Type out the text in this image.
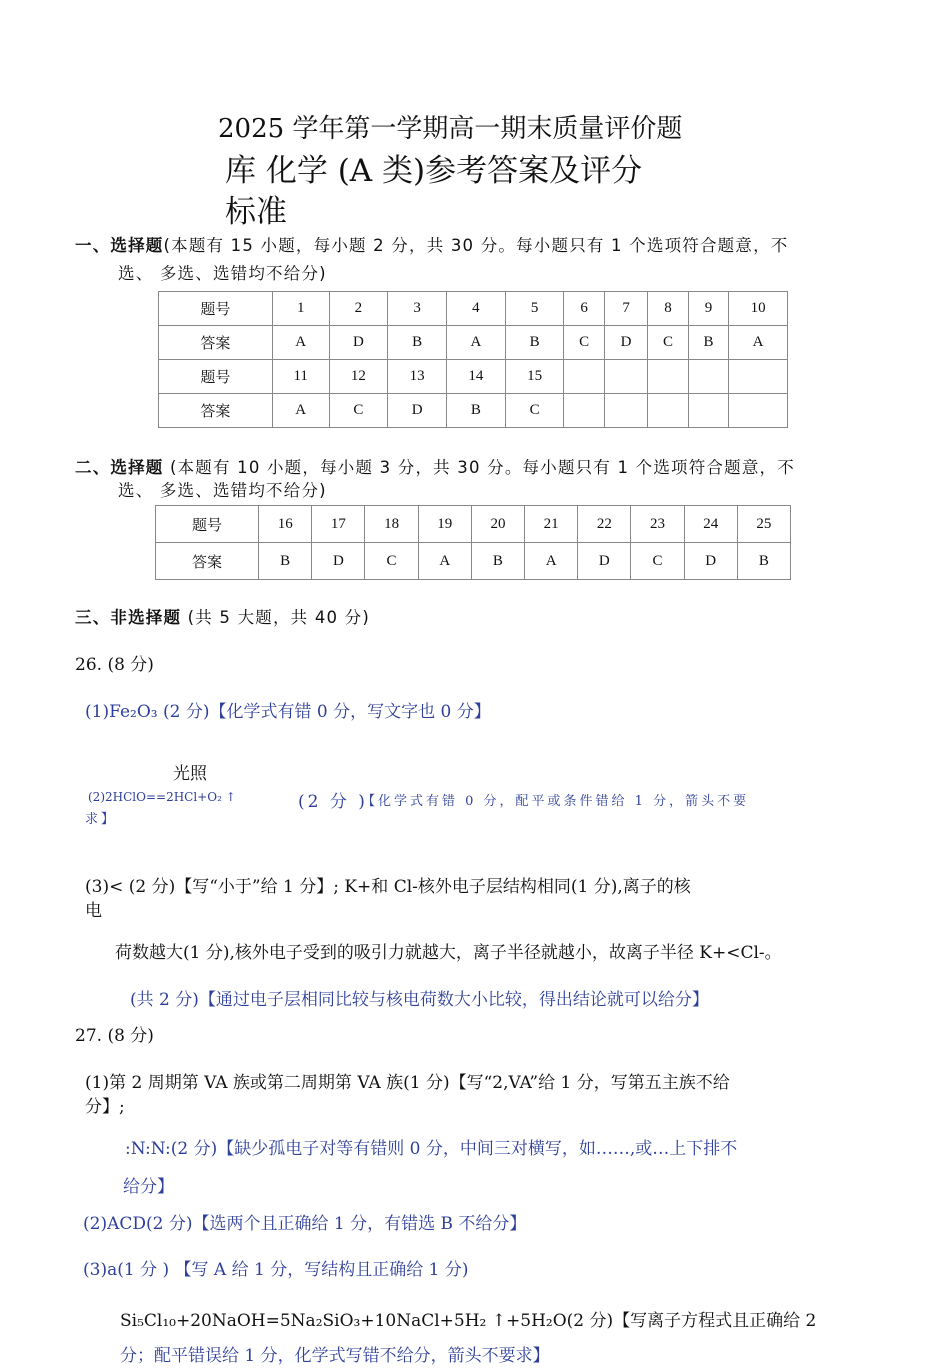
2025 学年第一学期高一期末质量评价题
库 化学 (A 类)参考答案及评分
标准
一、选择题(本题有 15 小题，每小题 2 分，共 30 分。每小题只有 1 个选项符合题意，不
选、 多选、选错均不给分)
题号	1	2	3	4	5	6	7	8	9	10
答案	A	D	B	A	B	C	D	C	B	A
题号	11	12	13	14	15					
答案	A	C	D	B	C					
二、选择题 (本题有 10 小题，每小题 3 分，共 30 分。每小题只有 1 个选项符合题意，不
选、 多选、选错均不给分)
题号	16	17	18	19	20	21	22	23	24	25
答案	B	D	C	A	B	A	D	C	D	B
三、非选择题 (共 5 大题，共 40 分)
26. (8 分)
(1)Fe₂O₃ (2 分)【化学式有错 0 分，写文字也 0 分】
光照
(2)2HClO==2HCl+O₂ ↑	(2 分 )
【化学式有错 0 分，配平或条件错给 1 分，箭头不要
求】
(3)< (2 分)【写“小于”给 1 分】; K+和 Cl-核外电子层结构相同(1 分),离子的核
电
荷数越大(1 分),核外电子受到的吸引力就越大，离子半径就越小，故离子半径 K+<Cl-。
(共 2 分)【通过电子层相同比较与核电荷数大小比较，得出结论就可以给分】
27. (8 分)
(1)第 2 周期第 VA 族或第二周期第 VA 族(1 分)【写“2,VA”给 1 分，写第五主族不给
分】;
:N:N:(2 分)【缺少孤电子对等有错则 0 分，中间三对横写，如……,或…上下排不
给分】
(2)ACD(2 分)【选两个且正确给 1 分，有错选 B 不给分】
(3)a(1 分 ) 【写 A 给 1 分，写结构且正确给 1 分)
Si₅Cl₁₀+20NaOH=5Na₂SiO₃+10NaCl+5H₂ ↑+5H₂O(2 分)【写离子方程式且正确给 2
分；配平错误给 1 分，化学式写错不给分，箭头不要求】
